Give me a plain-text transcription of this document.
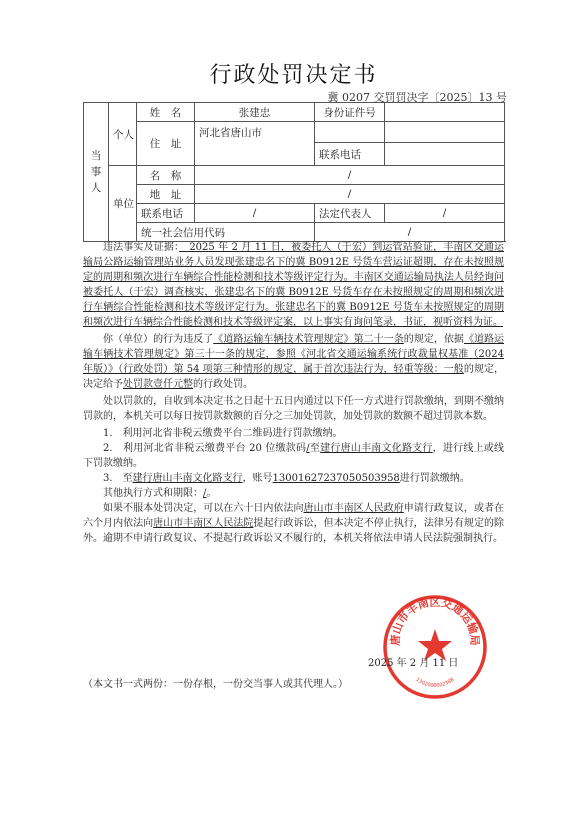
行政处罚决定书
冀 0207 交罚罚决字〔2025〕13 号
当事人	个人	姓　名	张建忠	身份证件号	
		住　址	河北省唐山市		

				联系电话	
	单位	名　称	/		
		地　址	/		
		联系电话	/	法定代表人	/
		统一社会信用代码		/	

违法事实及证据：　2025 年 2 月 11 日，被委托人（于宏）到运管站验证，丰南区交通运输局公路运输管理站业务人员发现张建忠名下的冀 B0912E 号货车营运证超期，存在未按照规定的周期和频次进行车辆综合性能检测和技术等级评定行为。丰南区交通运输局执法人员经询问被委托人（于宏）调查核实，张建忠名下的冀 B0912E 号货车存在未按照规定的周期和频次进行车辆综合性能检测和技术等级评定行为。张建忠名下的冀 B0912E 号货车未按照规定的周期和频次进行车辆综合性能检测和技术等级评定案，以上事实有询问笔录，书证，视听资料为证。

你（单位）的行为违反了《道路运输车辆技术管理规定》第二十一条的规定，依据《道路运输车辆技术管理规定》第三十一条的规定，参照《河北省交通运输系统行政裁量权基准（2024 年版）》（行政处罚）第 54 项第三种情形的规定，属于首次违法行为，轻重等级：一般的规定，决定给予处罚款壹仟元整的行政处罚。

处以罚款的，自收到本决定书之日起十五日内通过以下任一方式进行罚款缴纳，到期不缴纳罚款的，本机关可以每日按罚款数额的百分之三加处罚款，加处罚款的数额不超过罚款本数。

1.　利用河北省非税云缴费平台二维码进行罚款缴纳。

2.　利用河北省非税云缴费平台 20 位缴款码/至建行唐山丰南文化路支行，进行线上或线下罚款缴纳。

3.　至建行唐山丰南文化路支行，账号13001627237050503958进行罚款缴纳。

其他执行方式和期限：/。

如果不服本处罚决定，可以在六十日内依法向唐山市丰南区人民政府申请行政复议，或者在六个月内依法向唐山市丰南区人民法院提起行政诉讼，但本决定不停止执行，法律另有规定的除外。逾期不申请行政复议、不提起行政诉讼又不履行的，本机关将依法申请人民法院强制执行。

唐山市丰南区交通运输局
1302000002388
2025 年 2 月 11 日
（本文书一式两份：一份存根，一份交当事人或其代理人。）
